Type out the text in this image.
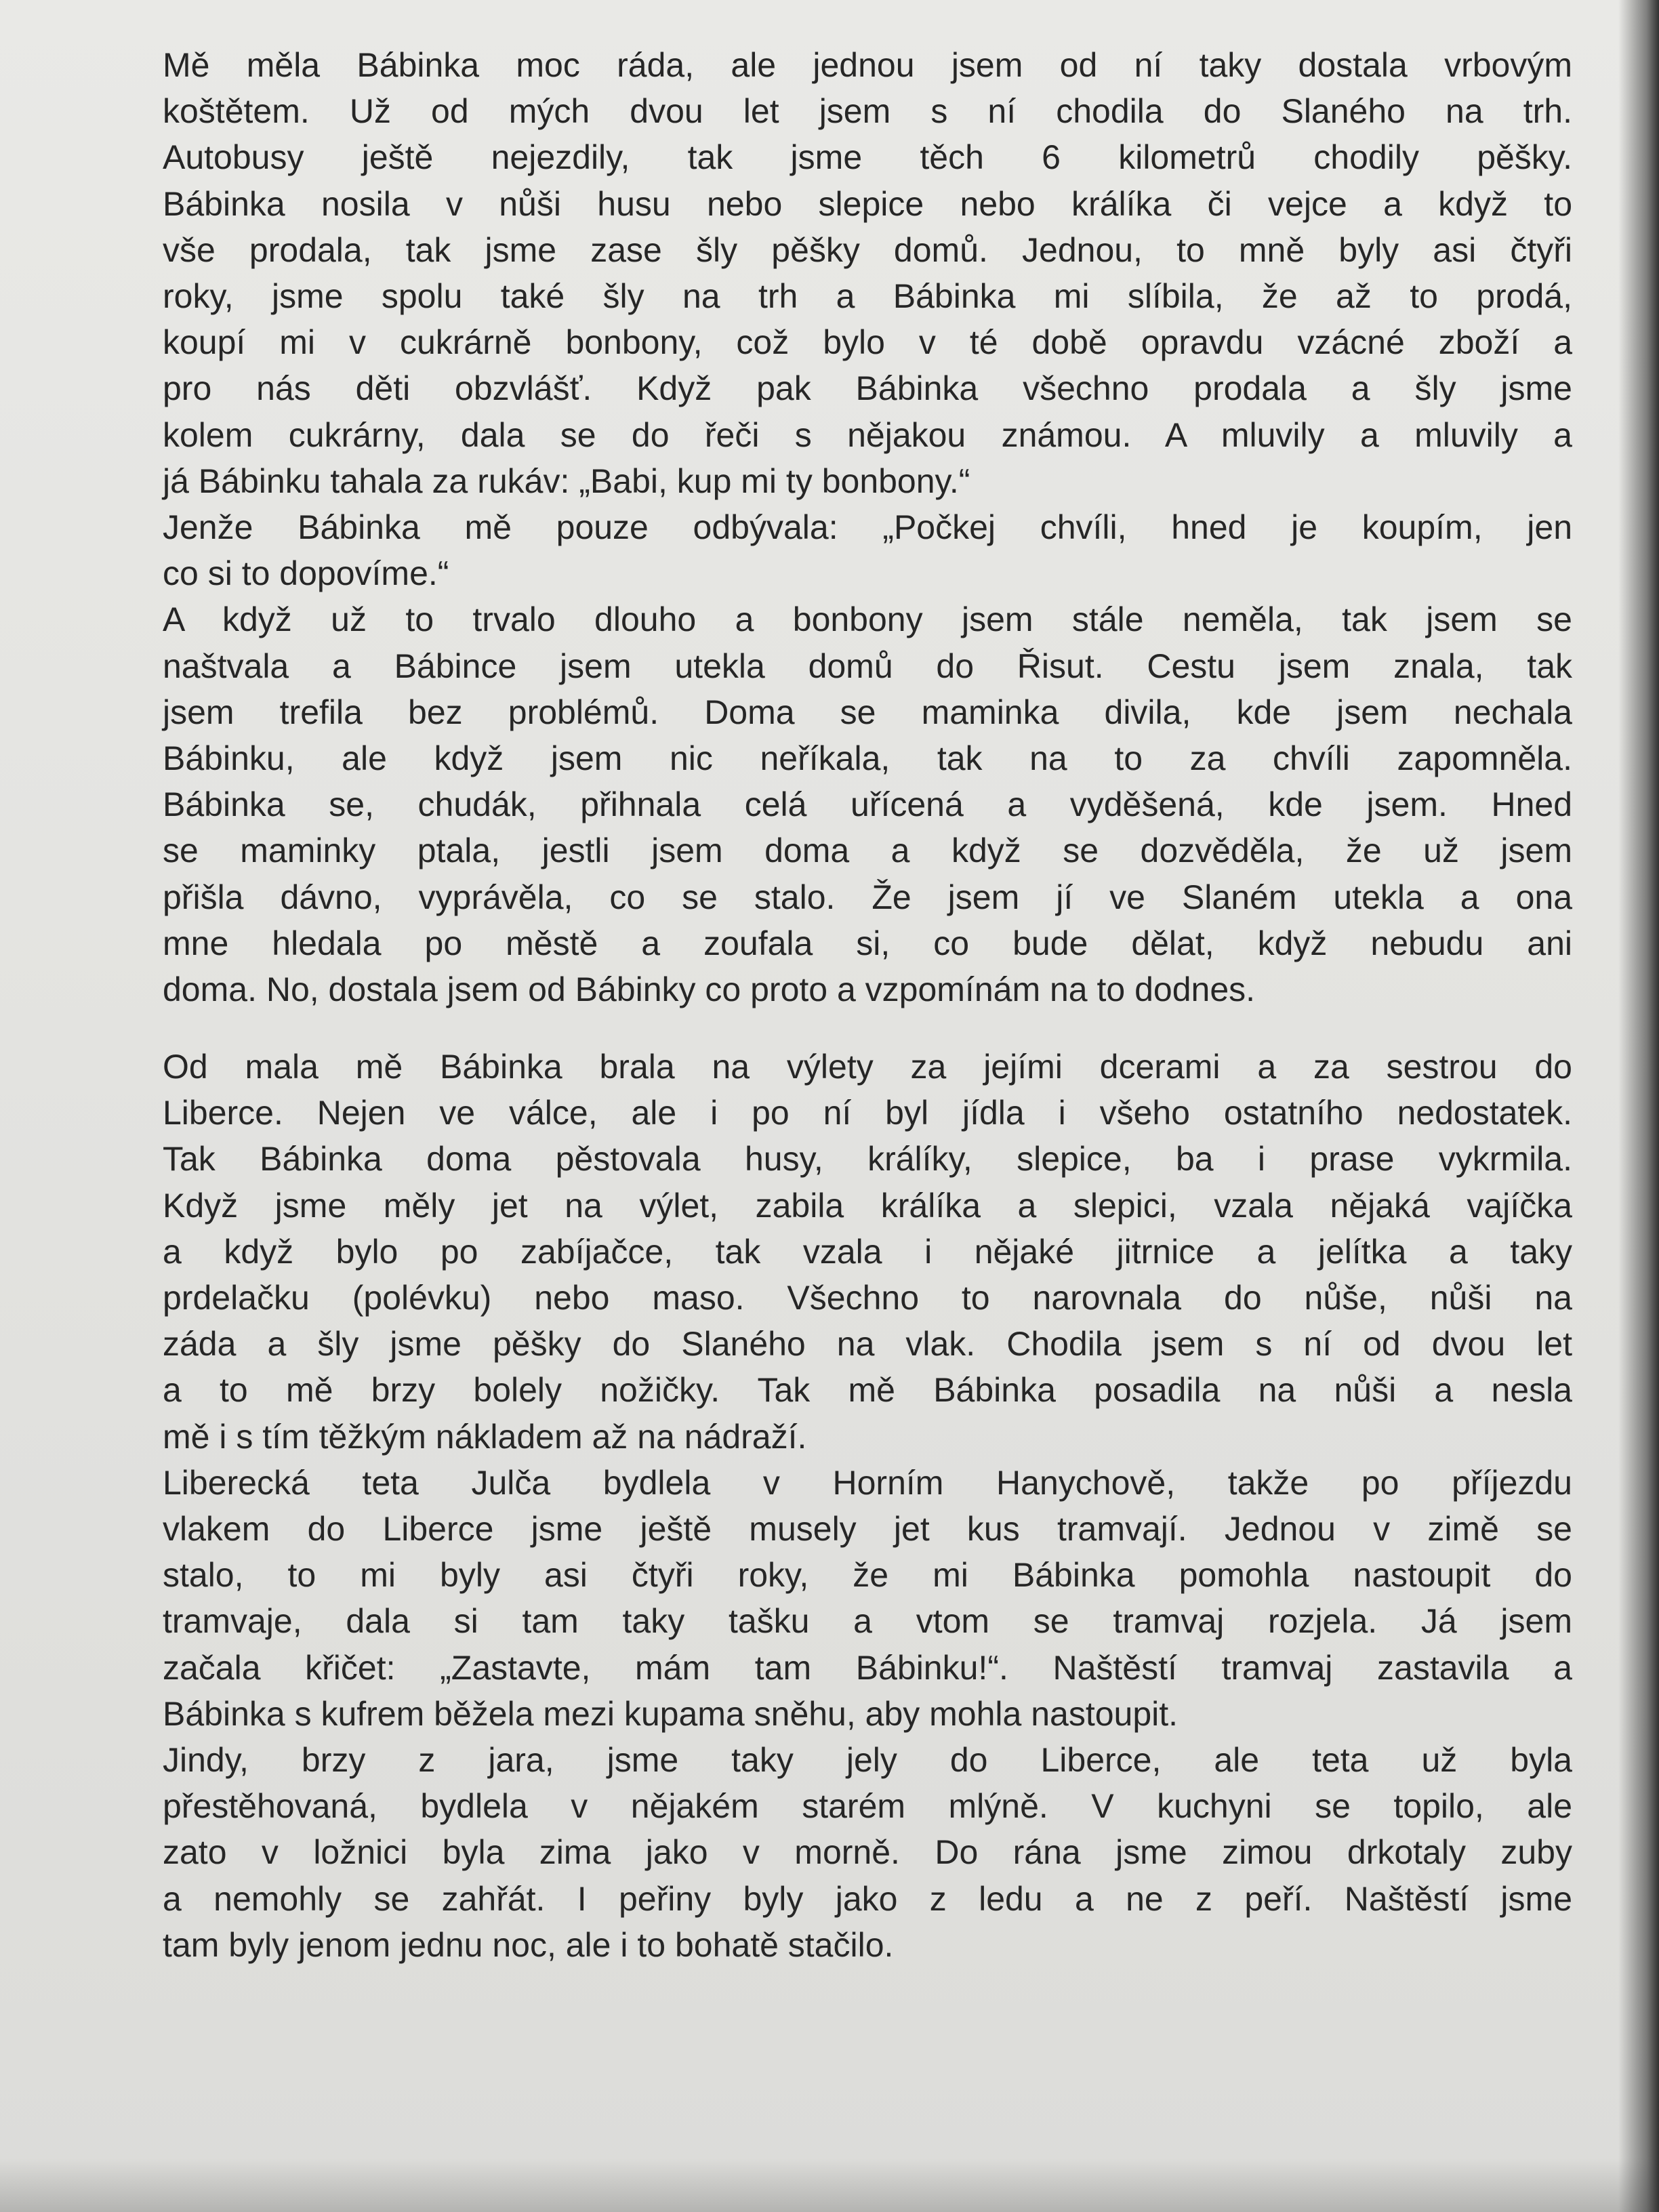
Mě měla Bábinka moc ráda, ale jednou jsem od ní taky dostala vrbovým
koštětem. Už od mých dvou let jsem s ní chodila do Slaného na trh.
Autobusy ještě nejezdily, tak jsme těch 6 kilometrů chodily pěšky.
Bábinka nosila v nůši husu nebo slepice nebo králíka či vejce a když to
vše prodala, tak jsme zase šly pěšky domů. Jednou, to mně byly asi čtyři
roky, jsme spolu také šly na trh a Bábinka mi slíbila, že až to prodá,
koupí mi v cukrárně bonbony, což bylo v té době opravdu vzácné zboží a
pro nás děti obzvlášť. Když pak Bábinka všechno prodala a šly jsme
kolem cukrárny, dala se do řeči s nějakou známou. A mluvily a mluvily a
já Bábinku tahala za rukáv: „Babi, kup mi ty bonbony.“
Jenže Bábinka mě pouze odbývala: „Počkej chvíli, hned je koupím, jen
co si to dopovíme.“
A když už to trvalo dlouho a bonbony jsem stále neměla, tak jsem se
naštvala a Bábince jsem utekla domů do Řisut. Cestu jsem znala, tak
jsem trefila bez problémů. Doma se maminka divila, kde jsem nechala
Bábinku, ale když jsem nic neříkala, tak na to za chvíli zapomněla.
Bábinka se, chudák, přihnala celá uřícená a vyděšená, kde jsem. Hned
se maminky ptala, jestli jsem doma a když se dozvěděla, že už jsem
přišla dávno, vyprávěla, co se stalo. Že jsem jí ve Slaném utekla a ona
mne hledala po městě a zoufala si, co bude dělat, když nebudu ani
doma. No, dostala jsem od Bábinky co proto a vzpomínám na to dodnes.
Od mala mě Bábinka brala na výlety za jejími dcerami a za sestrou do
Liberce. Nejen ve válce, ale i po ní byl jídla i všeho ostatního nedostatek.
Tak Bábinka doma pěstovala husy, králíky, slepice, ba i prase vykrmila.
Když jsme měly jet na výlet, zabila králíka a slepici, vzala nějaká vajíčka
a když bylo po zabíjačce, tak vzala i nějaké jitrnice a jelítka a taky
prdelačku (polévku) nebo maso. Všechno to narovnala do nůše, nůši na
záda a šly jsme pěšky do Slaného na vlak. Chodila jsem s ní od dvou let
a to mě brzy bolely nožičky. Tak mě Bábinka posadila na nůši a nesla
mě i s tím těžkým nákladem až na nádraží.
Liberecká teta Julča bydlela v Horním Hanychově, takže po příjezdu
vlakem do Liberce jsme ještě musely jet kus tramvají. Jednou v zimě se
stalo, to mi byly asi čtyři roky, že mi Bábinka pomohla nastoupit do
tramvaje, dala si tam taky tašku a vtom se tramvaj rozjela. Já jsem
začala křičet: „Zastavte, mám tam Bábinku!“. Naštěstí tramvaj zastavila a
Bábinka s kufrem běžela mezi kupama sněhu, aby mohla nastoupit.
Jindy, brzy z jara, jsme taky jely do Liberce, ale teta už byla
přestěhovaná, bydlela v nějakém starém mlýně. V kuchyni se topilo, ale
zato v ložnici byla zima jako v morně. Do rána jsme zimou drkotaly zuby
a nemohly se zahřát. I peřiny byly jako z ledu a ne z peří. Naštěstí jsme
tam byly jenom jednu noc, ale i to bohatě stačilo.
